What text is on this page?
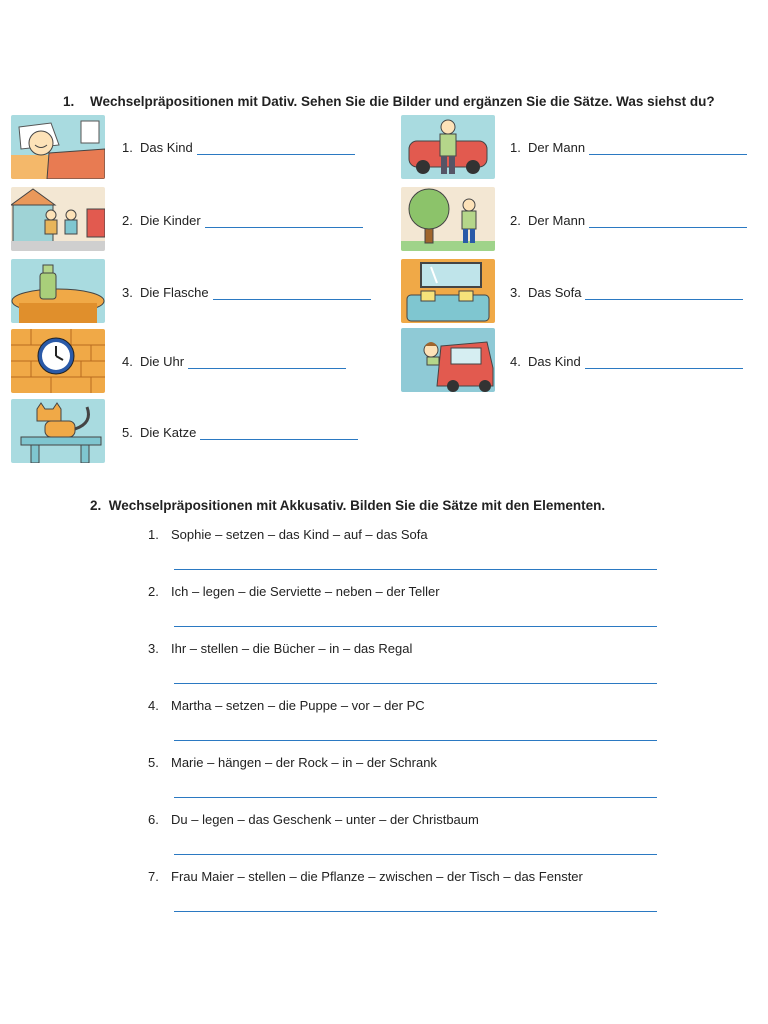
1. Wechselpräpositionen mit Dativ. Sehen Sie die Bilder und ergänzen Sie die Sätze. Was siehst du?
1. Das Kind
2. Die Kinder
3. Die Flasche
4. Die Uhr
5. Die Katze
1. Der Mann
2. Der Mann
3. Das Sofa
4. Das Kind
2. Wechselpräpositionen mit Akkusativ. Bilden Sie die Sätze mit den Elementen.
1. Sophie – setzen – das Kind – auf – das Sofa
2. Ich – legen – die Serviette – neben – der Teller
3. Ihr – stellen – die Bücher – in – das Regal
4. Martha – setzen – die Puppe – vor – der PC
5. Marie – hängen – der Rock – in – der Schrank
6. Du – legen – das Geschenk – unter – der Christbaum
7. Frau Maier – stellen – die Pflanze – zwischen – der Tisch – das Fenster
